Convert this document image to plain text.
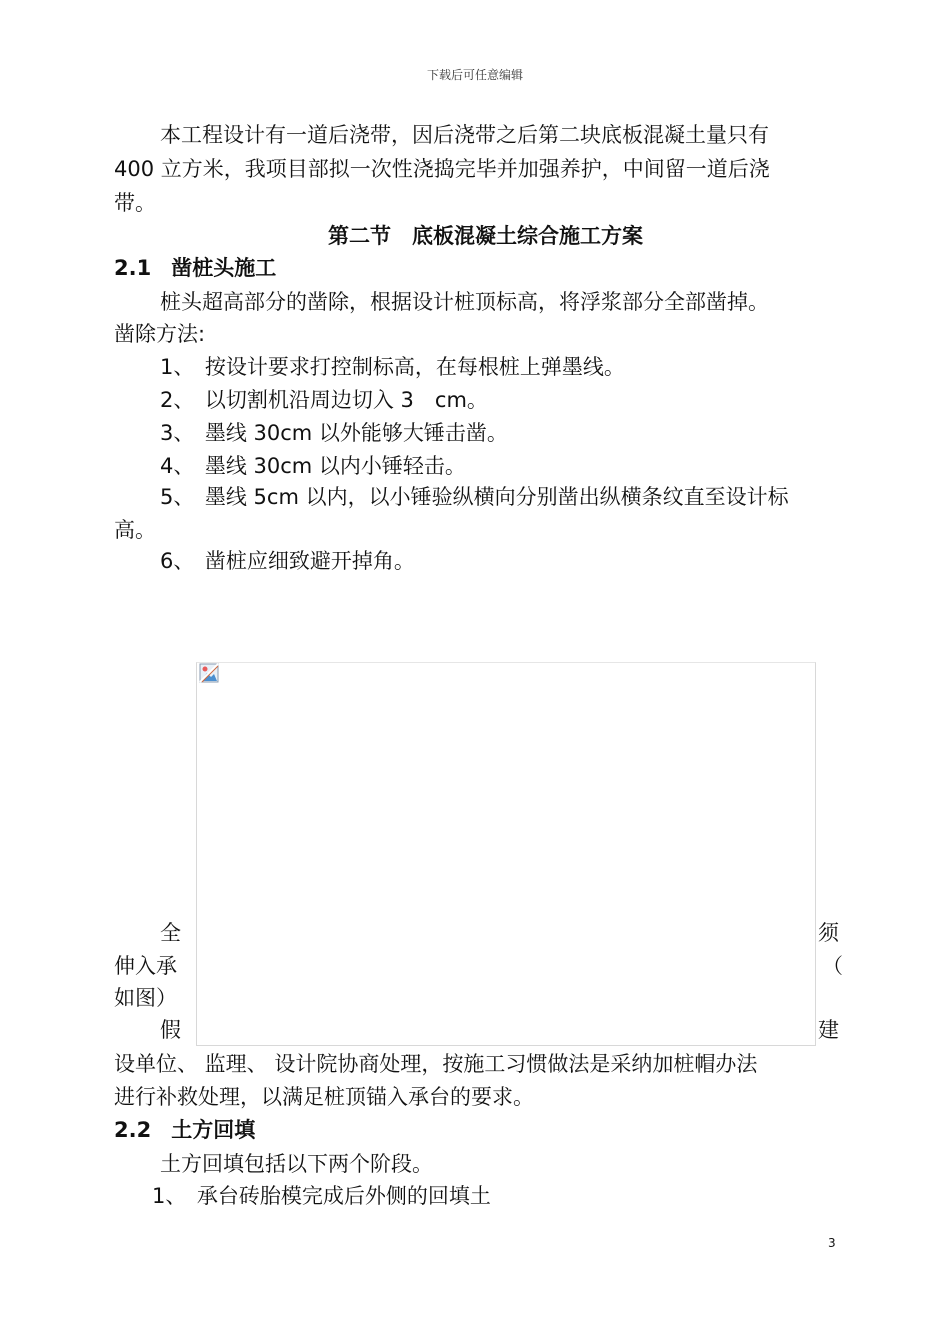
下载后可任意编辑
本工程设计有一道后浇带，因后浇带之后第二块底板混凝土量只有
400 立方米，我项目部拟一次性浇捣完毕并加强养护，中间留一道后浇
带。
第二节　底板混凝土综合施工方案
2.1 凿桩头施工
桩头超高部分的凿除，根据设计桩顶标高，将浮浆部分全部凿掉。
凿除方法:
1、　按设计要求打控制标高，在每根桩上弹墨线。
2、　以切割机沿周边切入 3　cm。
3、　墨线 30cm 以外能够大锤击凿。
4、　墨线 30cm 以内小锤轻击。
5、　墨线 5cm 以内，以小锤验纵横向分别凿出纵横条纹直至设计标
高。
6、　凿桩应细致避开掉角。
全	须
伸入承	（
如图）
假	建
设单位、 监理、 设计院协商处理，按施工习惯做法是采纳加桩帽办法
进行补救处理，以满足桩顶锚入承台的要求。
2.2 土方回填
土方回填包括以下两个阶段。
1、　承台砖胎模完成后外侧的回填土
3
